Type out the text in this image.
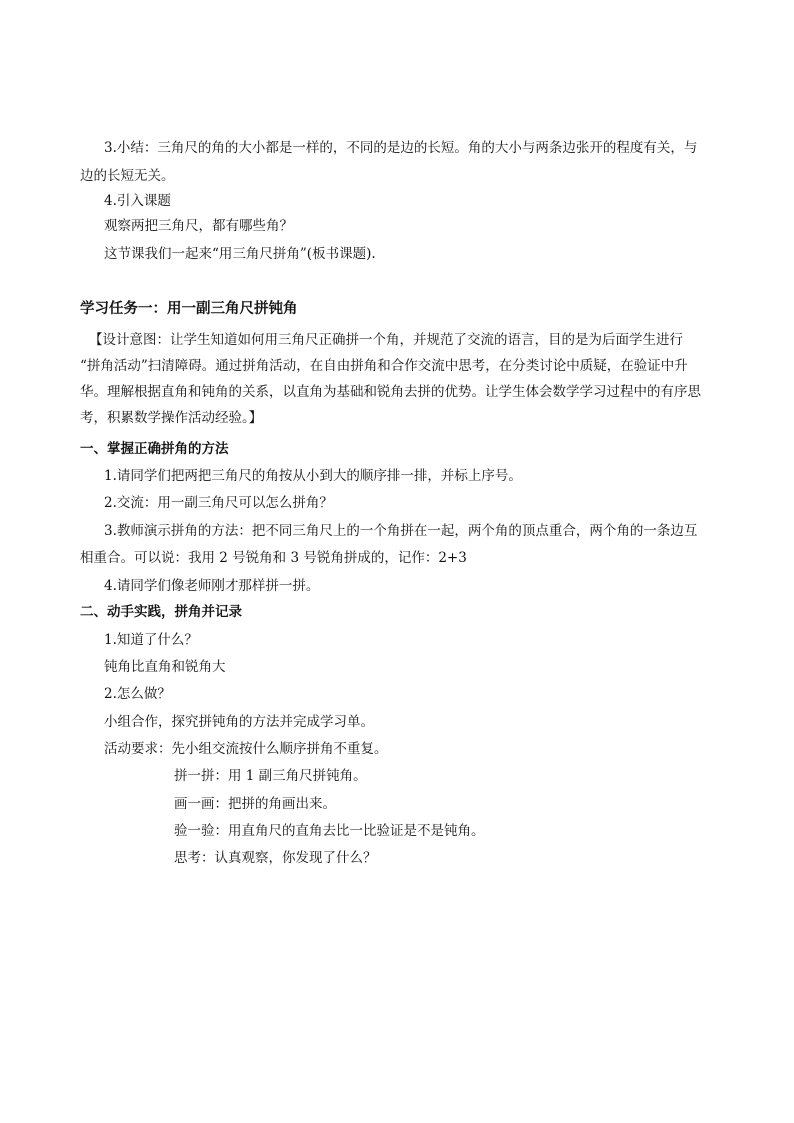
3.小结：三角尺的角的大小都是一样的，不同的是边的长短。角的大小与两条边张开的程度有关，与
边的长短无关。
4.引入课题
观察两把三角尺，都有哪些角？
这节课我们一起来“用三角尺拼角”(板书课题).
学习任务一：用一副三角尺拼钝角
【设计意图：让学生知道如何用三角尺正确拼一个角，并规范了交流的语言，目的是为后面学生进行
“拼角活动”扫清障碍。通过拼角活动，在自由拼角和合作交流中思考，在分类讨论中质疑，在验证中升
华。理解根据直角和钝角的关系，以直角为基础和锐角去拼的优势。让学生体会数学学习过程中的有序思
考，积累数学操作活动经验。】
一、掌握正确拼角的方法
1.请同学们把两把三角尺的角按从小到大的顺序排一排，并标上序号。
2.交流：用一副三角尺可以怎么拼角？
3.教师演示拼角的方法：把不同三角尺上的一个角拼在一起，两个角的顶点重合，两个角的一条边互
相重合。可以说：我用 2 号锐角和 3 号锐角拼成的，记作：2+3
4.请同学们像老师刚才那样拼一拼。
二、动手实践，拼角并记录
1.知道了什么？
钝角比直角和锐角大
2.怎么做？
小组合作，探究拼钝角的方法并完成学习单。
活动要求：先小组交流按什么顺序拼角不重复。
拼一拼：用 1 副三角尺拼钝角。
画一画：把拼的角画出来。
验一验：用直角尺的直角去比一比验证是不是钝角。
思考：认真观察，你发现了什么？
